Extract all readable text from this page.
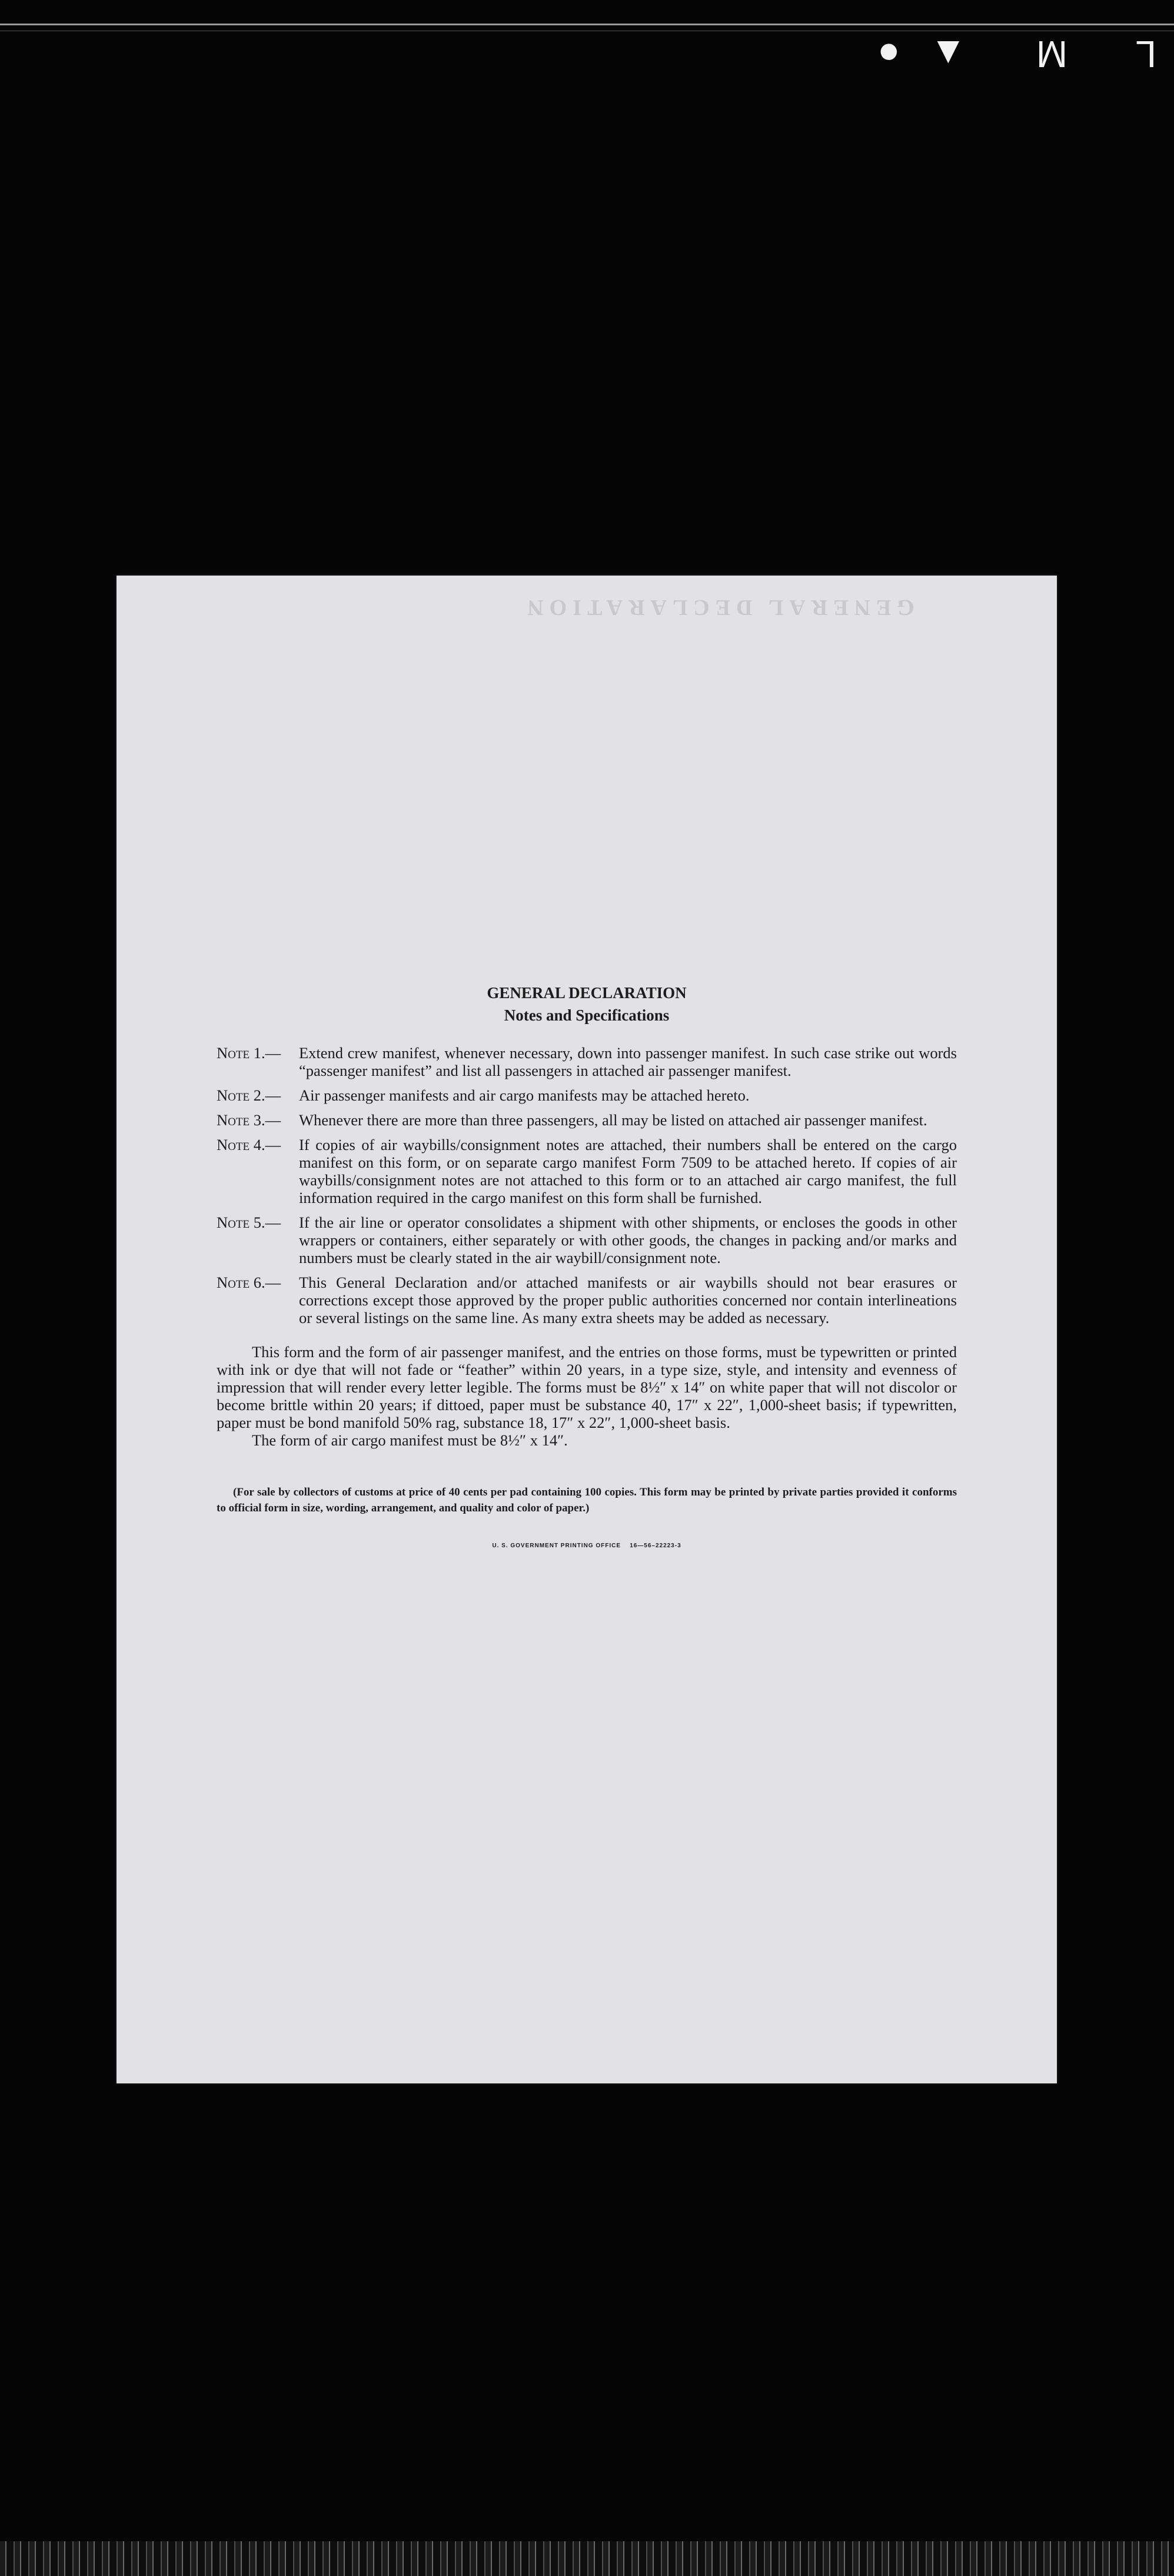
L M ▲●
GENERAL DECLARATION

GENERAL DECLARATION

Notes and Specifications

Note 1.—	Extend crew manifest, whenever necessary, down into passenger manifest. In such case strike out words “passenger manifest” and list all passengers in attached air passenger manifest.
Note 2.—	Air passenger manifests and air cargo manifests may be attached hereto.
Note 3.—	Whenever there are more than three passengers, all may be listed on attached air passenger manifest.
Note 4.—	If copies of air waybills/consignment notes are attached, their numbers shall be entered on the cargo manifest on this form, or on separate cargo manifest Form 7509 to be attached hereto. If copies of air waybills/consignment notes are not attached to this form or to an attached air cargo manifest, the full information required in the cargo manifest on this form shall be furnished.
Note 5.—	If the air line or operator consolidates a shipment with other shipments, or encloses the goods in other wrappers or containers, either separately or with other goods, the changes in packing and/or marks and numbers must be clearly stated in the air waybill/consignment note.
Note 6.—	This General Declaration and/or attached manifests or air waybills should not bear erasures or corrections except those approved by the proper public authorities concerned nor contain interlineations or several listings on the same line. As many extra sheets may be added as necessary.

This form and the form of air passenger manifest, and the entries on those forms, must be typewritten or printed with ink or dye that will not fade or “feather” within 20 years, in a type size, style, and intensity and evenness of impression that will render every letter legible. The forms must be 8½″ x 14″ on white paper that will not discolor or become brittle within 20 years; if dittoed, paper must be substance 40, 17″ x 22″, 1,000-sheet basis; if typewritten, paper must be bond manifold 50% rag, substance 18, 17″ x 22″, 1,000-sheet basis.

The form of air cargo manifest must be 8½″ x 14″.

(For sale by collectors of customs at price of 40 cents per pad containing 100 copies. This form may be printed by private parties provided it conforms to official form in size, wording, arrangement, and quality and color of paper.)

U. S. GOVERNMENT PRINTING OFFICE    16—56–22223-3
